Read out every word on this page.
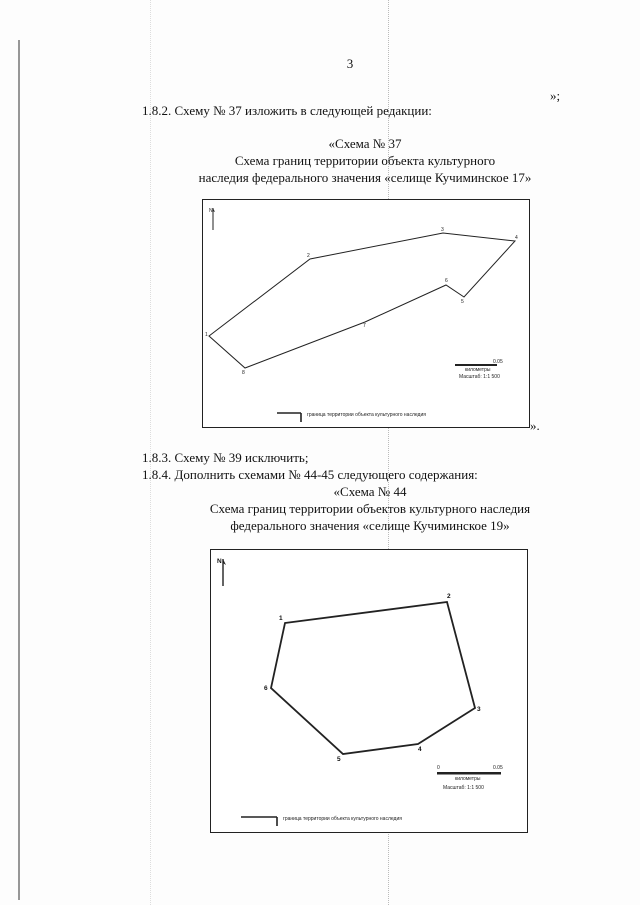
3
»;
1.8.2. Схему № 37 изложить в следующей редакции:
«Схема № 37
Схема границ территории объекта культурного
наследия федерального значения «селище Кучиминское 17»
N
2
3
4
5
6
7
8
1
0.05
километры
Масштаб: 1:1 500
граница территории объекта культурного наследия
».
1.8.3. Схему № 39 исключить;
1.8.4. Дополнить схемами № 44-45 следующего содержания:
«Схема № 44
Схема границ территории объектов культурного наследия
федерального значения «селище Кучиминское 19»
N
1
2
3
4
5
6
0	0.05
километры
Масштаб: 1:1 500
граница территории объекта культурного наследия
